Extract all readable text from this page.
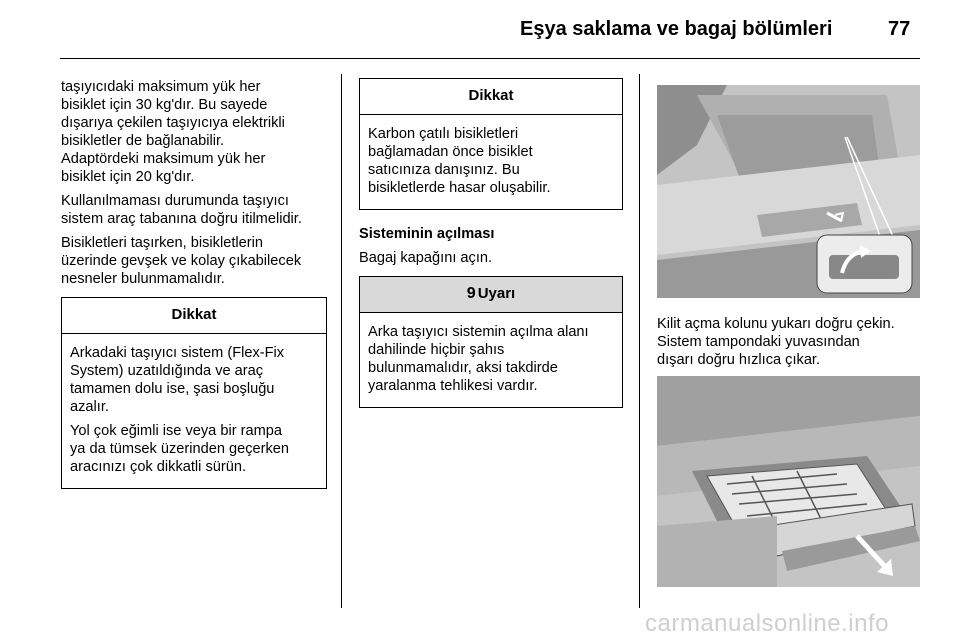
Eşya saklama ve bagaj bölümleri	77

taşıyıcıdaki maksimum yük her
bisiklet için 30 kg'dır. Bu sayede
dışarıya çekilen taşıyıcıya elektrikli
bisikletler de bağlanabilir.
Adaptördeki maksimum yük her
bisiklet için 20 kg'dır.

Kullanılmaması durumunda taşıyıcı
sistem araç tabanına doğru itilmelidir.

Bisikletleri taşırken, bisikletlerin
üzerinde gevşek ve kolay çıkabilecek
nesneler bulunmamalıdır.

Dikkat

Arkadaki taşıyıcı sistem (Flex-Fix
System) uzatıldığında ve araç
tamamen dolu ise, şasi boşluğu
azalır.

Yol çok eğimli ise veya bir rampa
ya da tümsek üzerinden geçerken
aracınızı çok dikkatli sürün.

Dikkat

Karbon çatılı bisikletleri
bağlamadan önce bisiklet
satıcınıza danışınız. Bu
bisikletlerde hasar oluşabilir.

Sisteminin açılması

Bagaj kapağını açın.

9 Uyarı

Arka taşıyıcı sistemin açılma alanı
dahilinde hiçbir şahıs
bulunmamalıdır, aksi takdirde
yaralanma tehlikesi vardır.

Kilit açma kolunu yukarı doğru çekin.
Sistem tampondaki yuvasından
dışarı doğru hızlıca çıkar.

carmanualsonline.info
